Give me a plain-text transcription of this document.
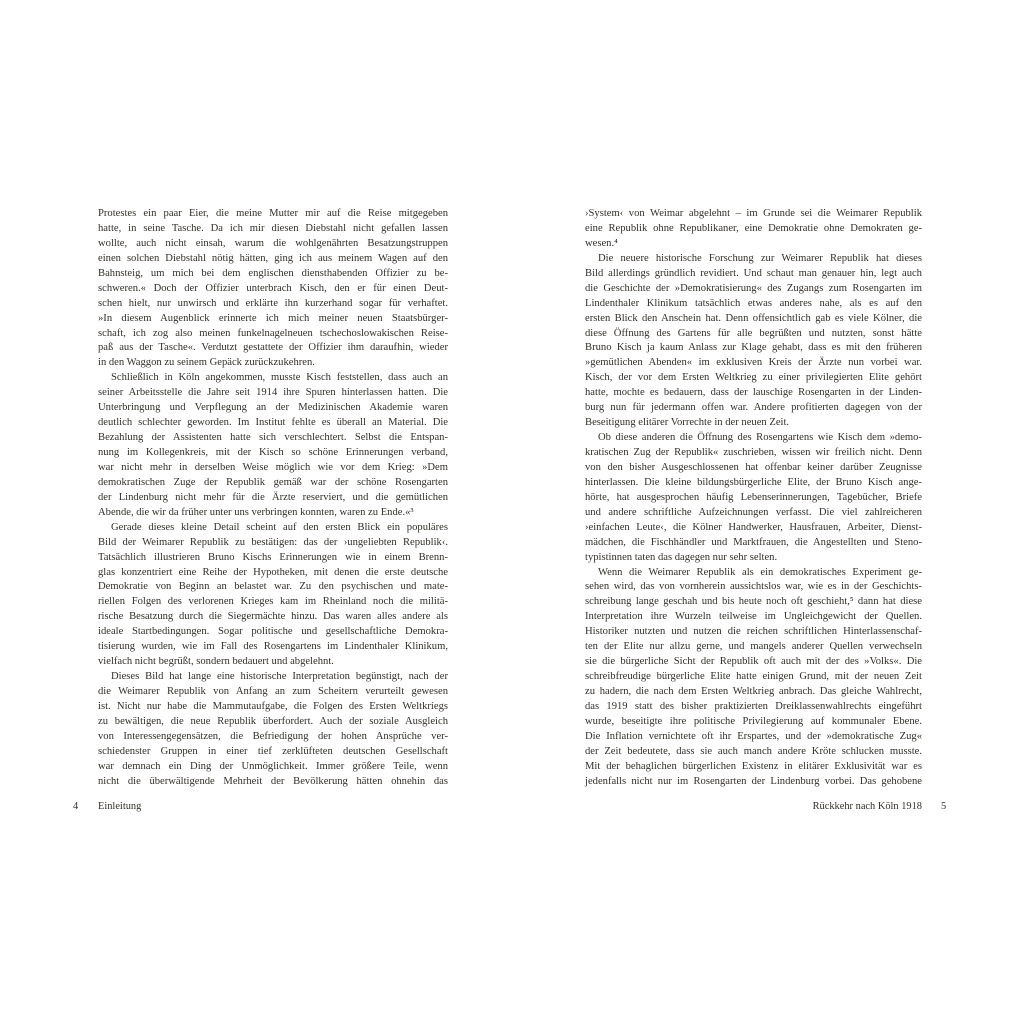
Protestes ein paar Eier, die meine Mutter mir auf die Reise mitgegeben
hatte, in seine Tasche. Da ich mir diesen Diebstahl nicht gefallen lassen
wollte, auch nicht einsah, warum die wohlgenährten Besatzungstruppen
einen solchen Diebstahl nötig hätten, ging ich aus meinem Wagen auf den
Bahnsteig, um mich bei dem englischen diensthabenden Offizier zu be-
schweren.« Doch der Offizier unterbrach Kisch, den er für einen Deut-
schen hielt, nur unwirsch und erklärte ihn kurzerhand sogar für verhaftet.
»In diesem Augenblick erinnerte ich mich meiner neuen Staatsbürger-
schaft, ich zog also meinen funkelnagelneuen tschechoslowakischen Reise-
paß aus der Tasche«. Verdutzt gestattete der Offizier ihm daraufhin, wieder
in den Waggon zu seinem Gepäck zurückzukehren.
Schließlich in Köln angekommen, musste Kisch feststellen, dass auch an
seiner Arbeitsstelle die Jahre seit 1914 ihre Spuren hinterlassen hatten. Die
Unterbringung und Verpflegung an der Medizinischen Akademie waren
deutlich schlechter geworden. Im Institut fehlte es überall an Material. Die
Bezahlung der Assistenten hatte sich verschlechtert. Selbst die Entspan-
nung im Kollegenkreis, mit der Kisch so schöne Erinnerungen verband,
war nicht mehr in derselben Weise möglich wie vor dem Krieg: »Dem
demokratischen Zuge der Republik gemäß war der schöne Rosengarten
der Lindenburg nicht mehr für die Ärzte reserviert, und die gemütlichen
Abende, die wir da früher unter uns verbringen konnten, waren zu Ende.«³
Gerade dieses kleine Detail scheint auf den ersten Blick ein populäres
Bild der Weimarer Republik zu bestätigen: das der ›ungeliebten Republik‹.
Tatsächlich illustrieren Bruno Kischs Erinnerungen wie in einem Brenn-
glas konzentriert eine Reihe der Hypotheken, mit denen die erste deutsche
Demokratie von Beginn an belastet war. Zu den psychischen und mate-
riellen Folgen des verlorenen Krieges kam im Rheinland noch die militä-
rische Besatzung durch die Siegermächte hinzu. Das waren alles andere als
ideale Startbedingungen. Sogar politische und gesellschaftliche Demokra-
tisierung wurden, wie im Fall des Rosengartens im Lindenthaler Klinikum,
vielfach nicht begrüßt, sondern bedauert und abgelehnt.
Dieses Bild hat lange eine historische Interpretation begünstigt, nach der
die Weimarer Republik von Anfang an zum Scheitern verurteilt gewesen
ist. Nicht nur habe die Mammutaufgabe, die Folgen des Ersten Weltkriegs
zu bewältigen, die neue Republik überfordert. Auch der soziale Ausgleich
von Interessengegensätzen, die Befriedigung der hohen Ansprüche ver-
schiedenster Gruppen in einer tief zerklüfteten deutschen Gesellschaft
war demnach ein Ding der Unmöglichkeit. Immer größere Teile, wenn
nicht die überwältigende Mehrheit der Bevölkerung hätten ohnehin das
›System‹ von Weimar abgelehnt – im Grunde sei die Weimarer Republik
eine Republik ohne Republikaner, eine Demokratie ohne Demokraten ge-
wesen.⁴
Die neuere historische Forschung zur Weimarer Republik hat dieses
Bild allerdings gründlich revidiert. Und schaut man genauer hin, legt auch
die Geschichte der »Demokratisierung« des Zugangs zum Rosengarten im
Lindenthaler Klinikum tatsächlich etwas anderes nahe, als es auf den
ersten Blick den Anschein hat. Denn offensichtlich gab es viele Kölner, die
diese Öffnung des Gartens für alle begrüßten und nutzten, sonst hätte
Bruno Kisch ja kaum Anlass zur Klage gehabt, dass es mit den früheren
»gemütlichen Abenden« im exklusiven Kreis der Ärzte nun vorbei war.
Kisch, der vor dem Ersten Weltkrieg zu einer privilegierten Elite gehört
hatte, mochte es bedauern, dass der lauschige Rosengarten in der Linden-
burg nun für jedermann offen war. Andere profitierten dagegen von der
Beseitigung elitärer Vorrechte in der neuen Zeit.
Ob diese anderen die Öffnung des Rosengartens wie Kisch dem »demo-
kratischen Zug der Republik« zuschrieben, wissen wir freilich nicht. Denn
von den bisher Ausgeschlossenen hat offenbar keiner darüber Zeugnisse
hinterlassen. Die kleine bildungsbürgerliche Elite, der Bruno Kisch ange-
hörte, hat ausgesprochen häufig Lebenserinnerungen, Tagebücher, Briefe
und andere schriftliche Aufzeichnungen verfasst. Die viel zahlreicheren
›einfachen Leute‹, die Kölner Handwerker, Hausfrauen, Arbeiter, Dienst-
mädchen, die Fischhändler und Marktfrauen, die Angestellten und Steno-
typistinnen taten das dagegen nur sehr selten.
Wenn die Weimarer Republik als ein demokratisches Experiment ge-
sehen wird, das von vornherein aussichtslos war, wie es in der Geschichts-
schreibung lange geschah und bis heute noch oft geschieht,⁵ dann hat diese
Interpretation ihre Wurzeln teilweise im Ungleichgewicht der Quellen.
Historiker nutzten und nutzen die reichen schriftlichen Hinterlassenschaf-
ten der Elite nur allzu gerne, und mangels anderer Quellen verwechseln
sie die bürgerliche Sicht der Republik oft auch mit der des »Volks«. Die
schreibfreudige bürgerliche Elite hatte einigen Grund, mit der neuen Zeit
zu hadern, die nach dem Ersten Weltkrieg anbrach. Das gleiche Wahlrecht,
das 1919 statt des bisher praktizierten Dreiklassenwahlrechts eingeführt
wurde, beseitigte ihre politische Privilegierung auf kommunaler Ebene.
Die Inflation vernichtete oft ihr Erspartes, und der »demokratische Zug«
der Zeit bedeutete, dass sie auch manch andere Kröte schlucken musste.
Mit der behaglichen bürgerlichen Existenz in elitärer Exklusivität war es
jedenfalls nicht nur im Rosengarten der Lindenburg vorbei. Das gehobene
4 Einleitung	Rückkehr nach Köln 1918 5
